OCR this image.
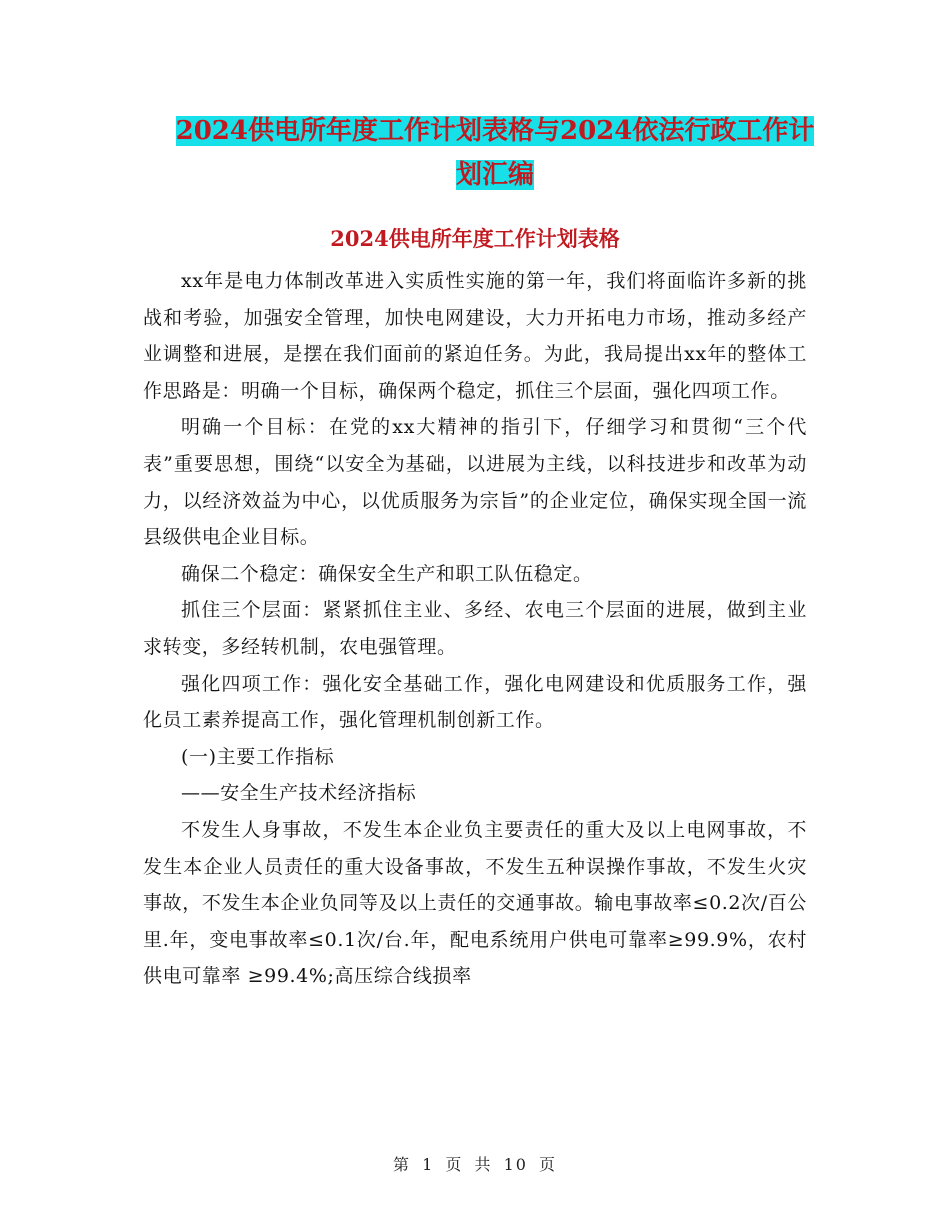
2024供电所年度工作计划表格与2024依法行政工作计
划汇编
2024供电所年度工作计划表格

xx年是电力体制改革进入实质性实施的第一年，我们将面临许多新的挑战和考验，加强安全管理，加快电网建设，大力开拓电力市场，推动多经产业调整和进展，是摆在我们面前的紧迫任务。为此，我局提出xx年的整体工作思路是：明确一个目标，确保两个稳定，抓住三个层面，强化四项工作。

明确一个目标：在党的xx大精神的指引下，仔细学习和贯彻“三个代表”重要思想，围绕“以安全为基础，以进展为主线，以科技进步和改革为动力，以经济效益为中心，以优质服务为宗旨”的企业定位，确保实现全国一流县级供电企业目标。

确保二个稳定：确保安全生产和职工队伍稳定。

抓住三个层面：紧紧抓住主业、多经、农电三个层面的进展，做到主业求转变，多经转机制，农电强管理。

强化四项工作：强化安全基础工作，强化电网建设和优质服务工作，强化员工素养提高工作，强化管理机制创新工作。

(一)主要工作指标

——安全生产技术经济指标

不发生人身事故，不发生本企业负主要责任的重大及以上电网事故，不发生本企业人员责任的重大设备事故，不发生五种误操作事故，不发生火灾事故，不发生本企业负同等及以上责任的交通事故。输电事故率≤0.2次/百公里.年，变电事故率≤0.1次/台.年，配电系统用户供电可靠率≥99.9%，农村供电可靠率 ≥99.4%;高压综合线损率

第 1 页 共 10 页
